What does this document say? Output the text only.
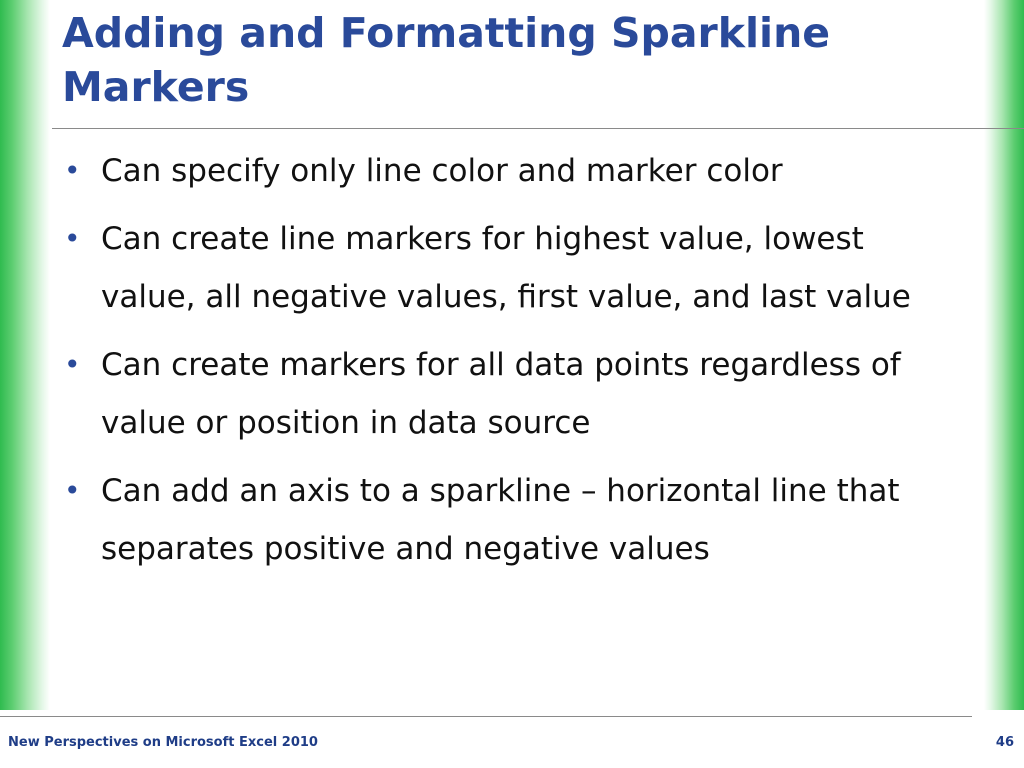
Adding and Formatting Sparkline Markers
• Can specify only line color and marker color
• Can create line markers for highest value, lowest value, all negative values, first value, and last value
• Can create markers for all data points regardless of value or position in data source
• Can add an axis to a sparkline – horizontal line that separates positive and negative values
New Perspectives on Microsoft Excel 2010	46
